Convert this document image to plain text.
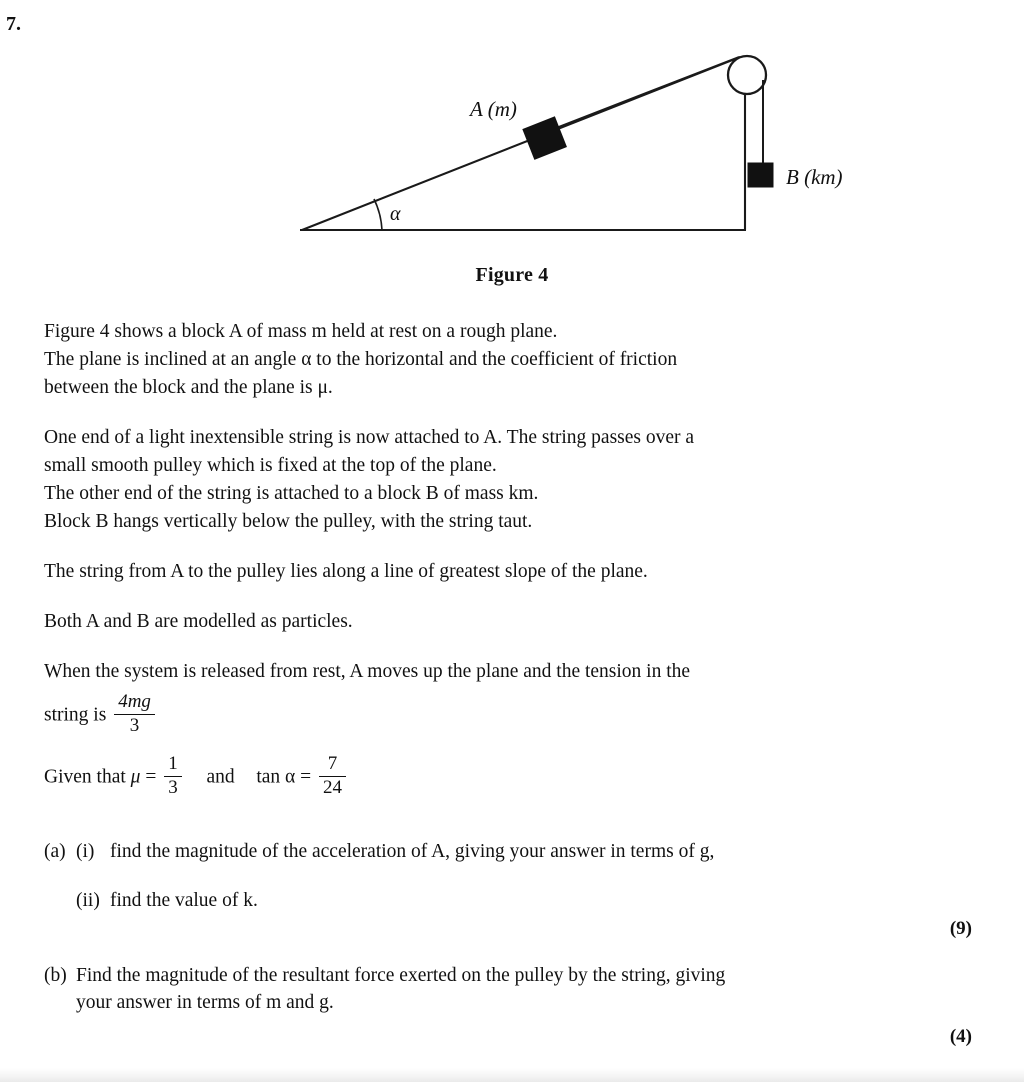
7.
A (m)
B (km)
α
Figure 4

Figure 4 shows a block A of mass m held at rest on a rough plane.
The plane is inclined at an angle α to the horizontal and the coefficient of friction
between the block and the plane is μ.

One end of a light inextensible string is now attached to A. The string passes over a
small smooth pulley which is fixed at the top of the plane.
The other end of the string is attached to a block B of mass km.
Block B hangs vertically below the pulley, with the string taut.

The string from A to the pulley lies along a line of greatest slope of the plane.

Both A and B are modelled as particles.

When the system is released from rest, A moves up the plane and the tension in the

string is $\frac{4mg}{3}$
Given that $\mu = \frac{1}{3}$ and $\tan \alpha = \frac{7}{24}$
(a) (i) find the magnitude of the acceleration of A, giving your answer in terms of g,
(ii) find the value of k.
(9)
(b) Find the magnitude of the resultant force exerted on the pulley by the string, giving
your answer in terms of m and g.
(4)
